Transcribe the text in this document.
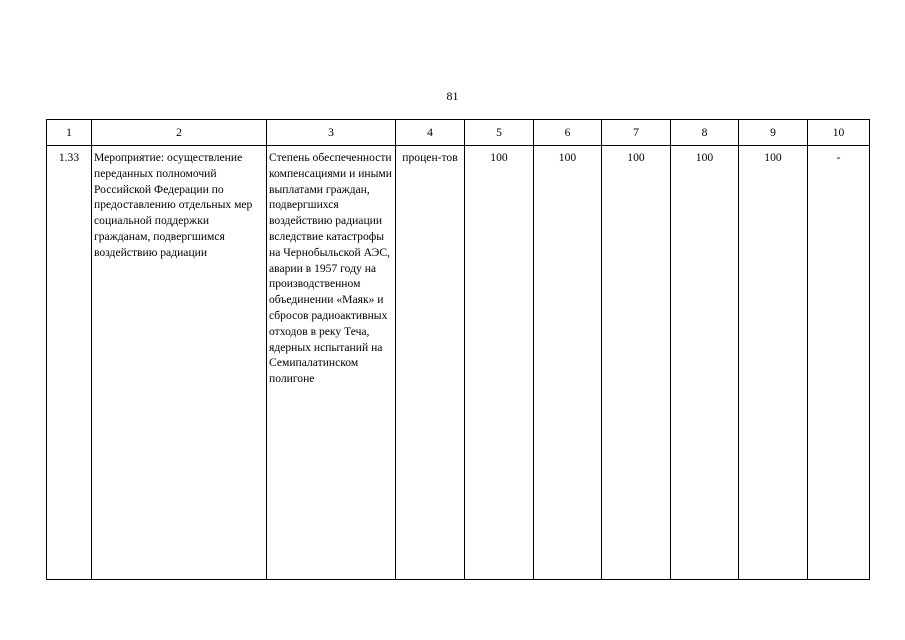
81
1	2	3	4	5	6	7	8	9	10
1.33	Мероприятие: осуществление переданных полномочий Российской Федерации по предоставлению отдельных мер социальной поддержки гражданам, подвергшимся воздействию радиации	Степень обеспеченности компенсациями и иными выплатами граждан, подвергшихся воздействию радиации вследствие катастрофы на Чернобыльской АЭС, аварии в 1957 году на производственном объединении «Маяк» и сбросов радиоактивных отходов в реку Теча, ядерных испытаний на Семипалатинском полигоне	процен-тов	100	100	100	100	100	-
